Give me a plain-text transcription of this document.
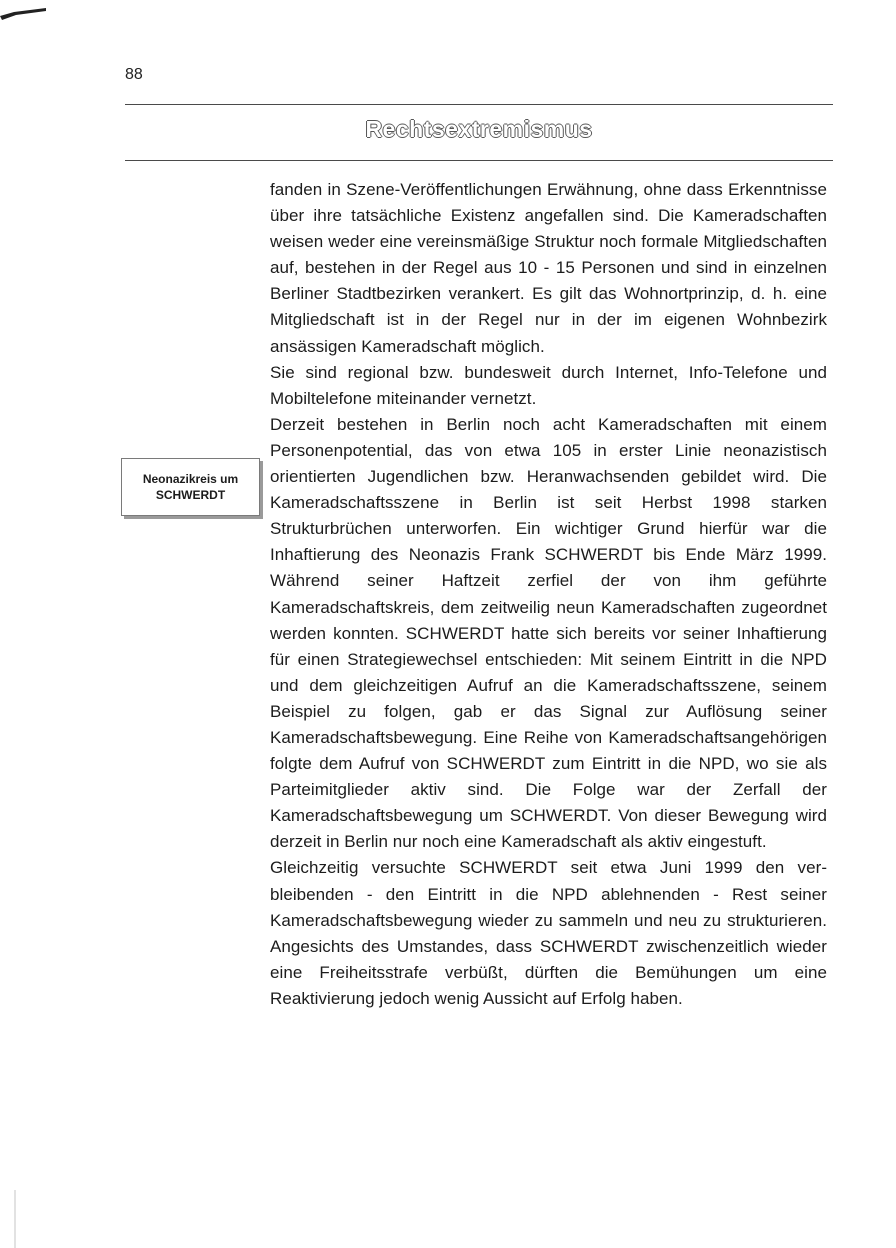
88
Rechtsextremismus
Neonazikreis um
SCHWERDT

fanden in Szene-Veröffentlichungen Erwähnung, ohne dass Erkenntnisse über ihre tatsächliche Existenz angefallen sind. Die Kameradschaften weisen weder eine vereinsmäßige Struktur noch formale Mitgliedschaften auf, bestehen in der Regel aus 10 - 15 Personen und sind in einzelnen Berliner Stadtbezirken verankert. Es gilt das Wohnortprinzip, d. h. eine Mitgliedschaft ist in der Regel nur in der im eigenen Wohnbezirk ansässigen Kameradschaft möglich.

Sie sind regional bzw. bundesweit durch Internet, Info-Telefone und Mobiltelefone miteinander vernetzt.

Derzeit bestehen in Berlin noch acht Kameradschaften mit einem Personenpotential, das von etwa 105 in erster Linie neonazistisch orientierten Jugendlichen bzw. Heranwachsenden gebildet wird. Die Kameradschaftsszene in Berlin ist seit Herbst 1998 starken Strukturbrüchen unterworfen. Ein wichtiger Grund hierfür war die Inhaftierung des Neonazis Frank SCHWERDT bis Ende März 1999. Während seiner Haftzeit zerfiel der von ihm geführte Kameradschaftskreis, dem zeitweilig neun Kameradschaften zugeordnet werden konnten. SCHWERDT hatte sich bereits vor seiner Inhaftierung für einen Strategiewechsel entschieden: Mit seinem Eintritt in die NPD und dem gleichzeitigen Aufruf an die Kameradschaftsszene, seinem Beispiel zu folgen, gab er das Signal zur Auflösung seiner Kameradschaftsbewegung. Eine Reihe von Kameradschaftsangehörigen folgte dem Aufruf von SCHWERDT zum Eintritt in die NPD, wo sie als Parteimitglieder aktiv sind. Die Folge war der Zerfall der Kameradschaftsbewegung um SCHWERDT. Von dieser Bewegung wird derzeit in Berlin nur noch eine Kameradschaft als aktiv eingestuft.

Gleichzeitig versuchte SCHWERDT seit etwa Juni 1999 den verbleibenden - den Eintritt in die NPD ablehnenden - Rest seiner Kameradschaftsbewegung wieder zu sammeln und neu zu strukturieren. Angesichts des Umstandes, dass SCHWERDT zwischenzeitlich wieder eine Freiheitsstrafe verbüßt, dürften die Bemühungen um eine Reaktivierung jedoch wenig Aussicht auf Erfolg haben.
